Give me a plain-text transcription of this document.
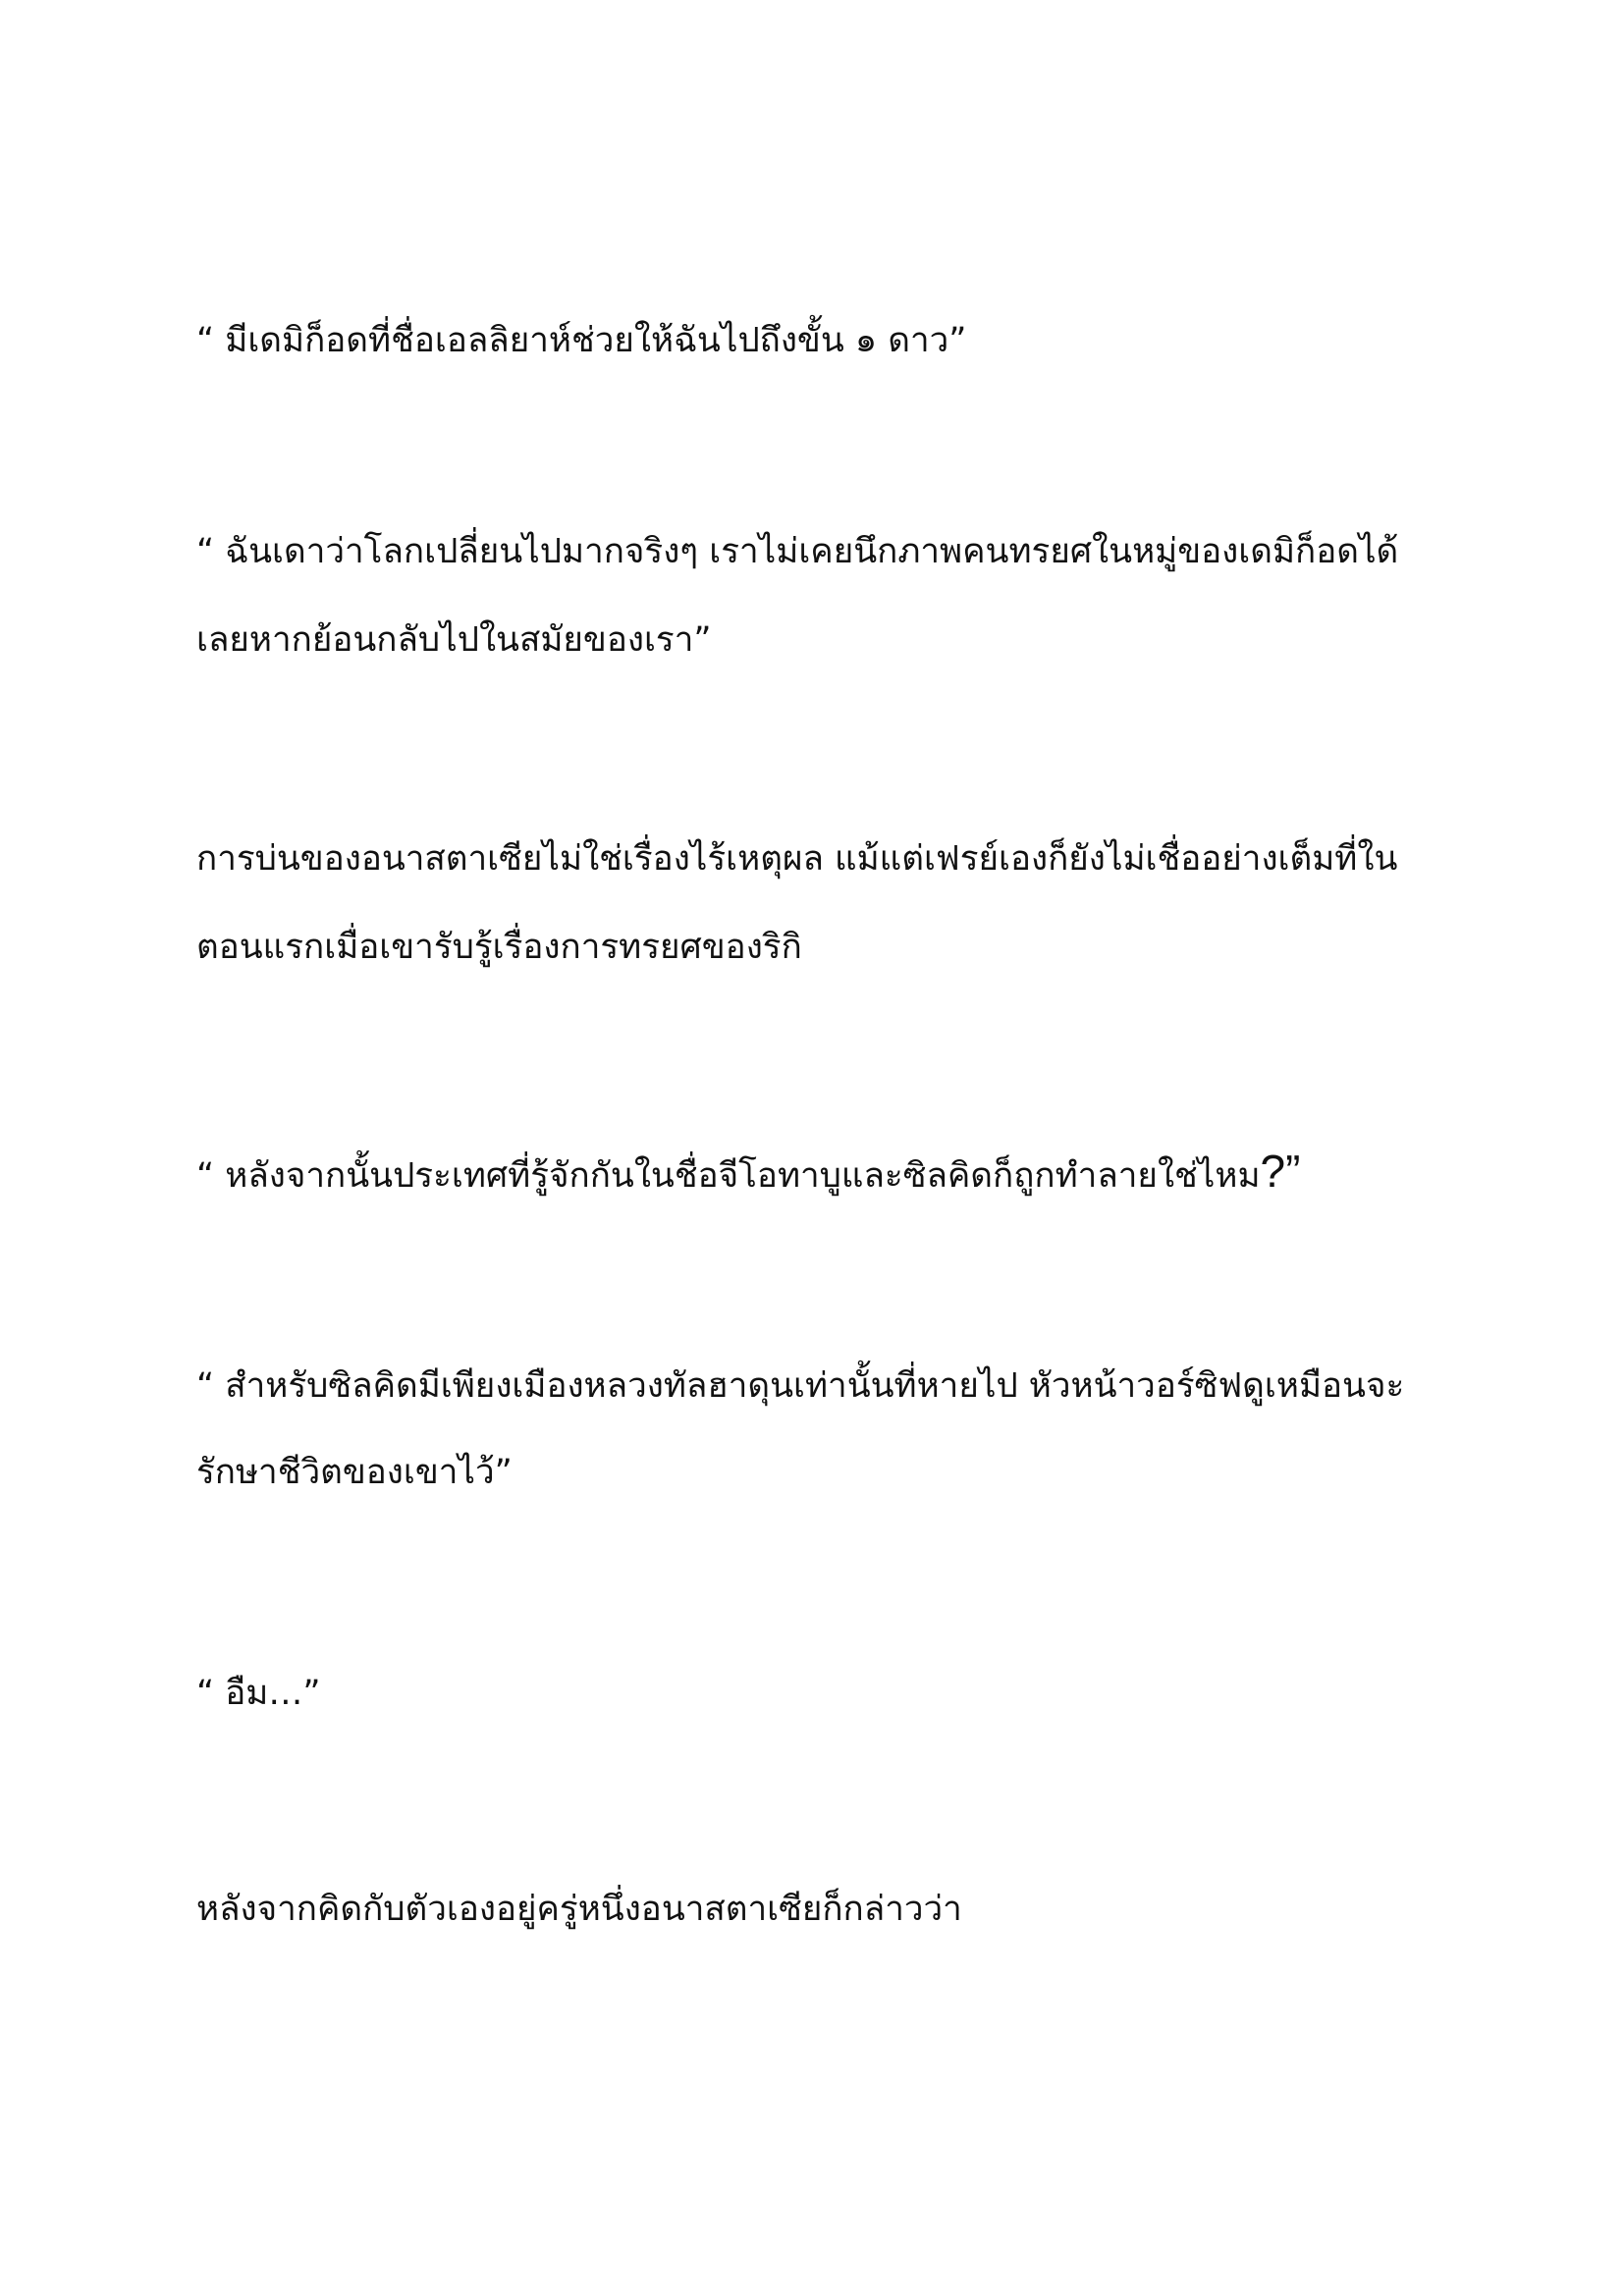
“ มีเดมิก็อดที่ชื่อเอลลิยาห์ช่วยให้ฉันไปถึงขั้น ๑ ดาว”

“ ฉันเดาว่าโลกเปลี่ยนไปมากจริงๆ เราไม่เคยนึกภาพคนทรยศในหมู่ของเดมิก็อดได้

เลยหากย้อนกลับไปในสมัยของเรา”

การบ่นของอนาสตาเซียไม่ใช่เรื่องไร้เหตุผล แม้แต่เฟรย์เองก็ยังไม่เชื่ออย่างเต็มที่ใน

ตอนแรกเมื่อเขารับรู้เรื่องการทรยศของริกิ

“ หลังจากนั้นประเทศที่รู้จักกันในชื่อจีโอทาบูและซิลคิดก็ถูกทำลายใช่ไหม?”

“ สำหรับซิลคิดมีเพียงเมืองหลวงทัลฮาดุนเท่านั้นที่หายไป หัวหน้าวอร์ซิฟดูเหมือนจะ

รักษาชีวิตของเขาไว้”

“ อืม…”

หลังจากคิดกับตัวเองอยู่ครู่หนึ่งอนาสตาเซียก็กล่าวว่า
